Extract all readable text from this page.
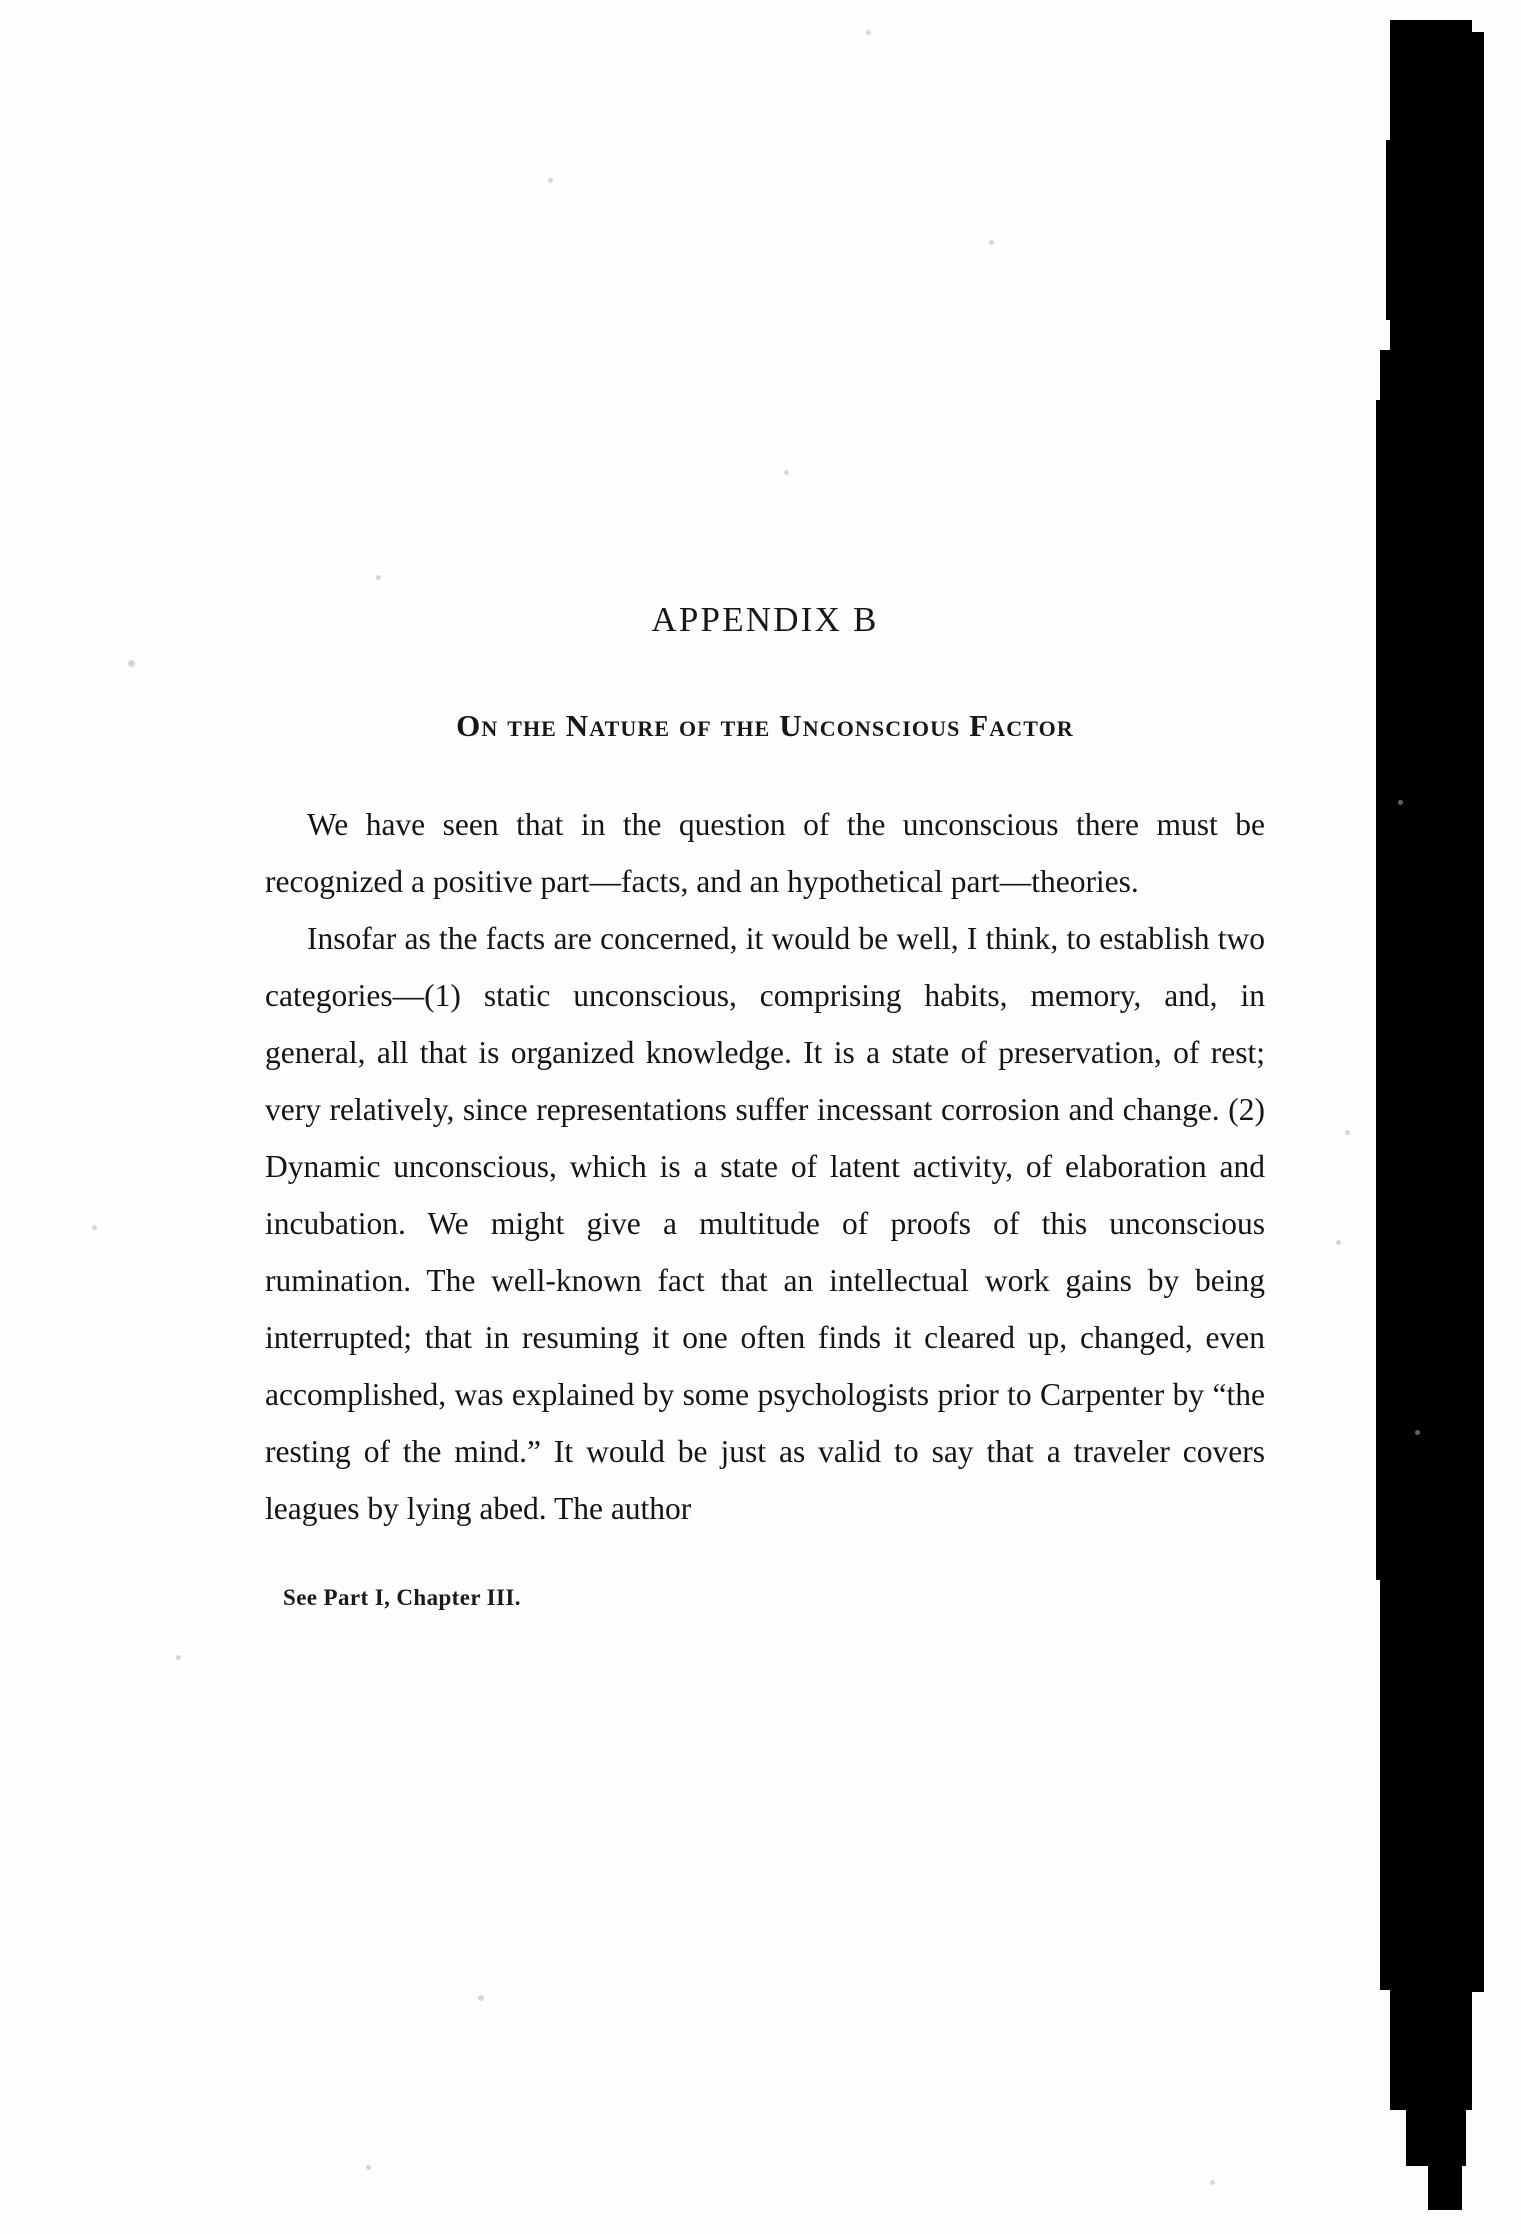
APPENDIX B
On the Nature of the Unconscious Factor

We have seen that in the question of the unconscious there must be recognized a positive part—facts, and an hypothetical part—theories.

Insofar as the facts are concerned, it would be well, I think, to establish two categories—(1) static unconscious, comprising habits, memory, and, in general, all that is organized knowledge. It is a state of preservation, of rest; very relatively, since representations suffer incessant corrosion and change. (2) Dynamic unconscious, which is a state of latent activity, of elaboration and incubation. We might give a multitude of proofs of this unconscious rumination. The well-known fact that an intellectual work gains by being interrupted; that in resuming it one often finds it cleared up, changed, even accomplished, was explained by some psychologists prior to Carpenter by “the resting of the mind.” It would be just as valid to say that a traveler covers leagues by lying abed. The author

See Part I, Chapter III.
